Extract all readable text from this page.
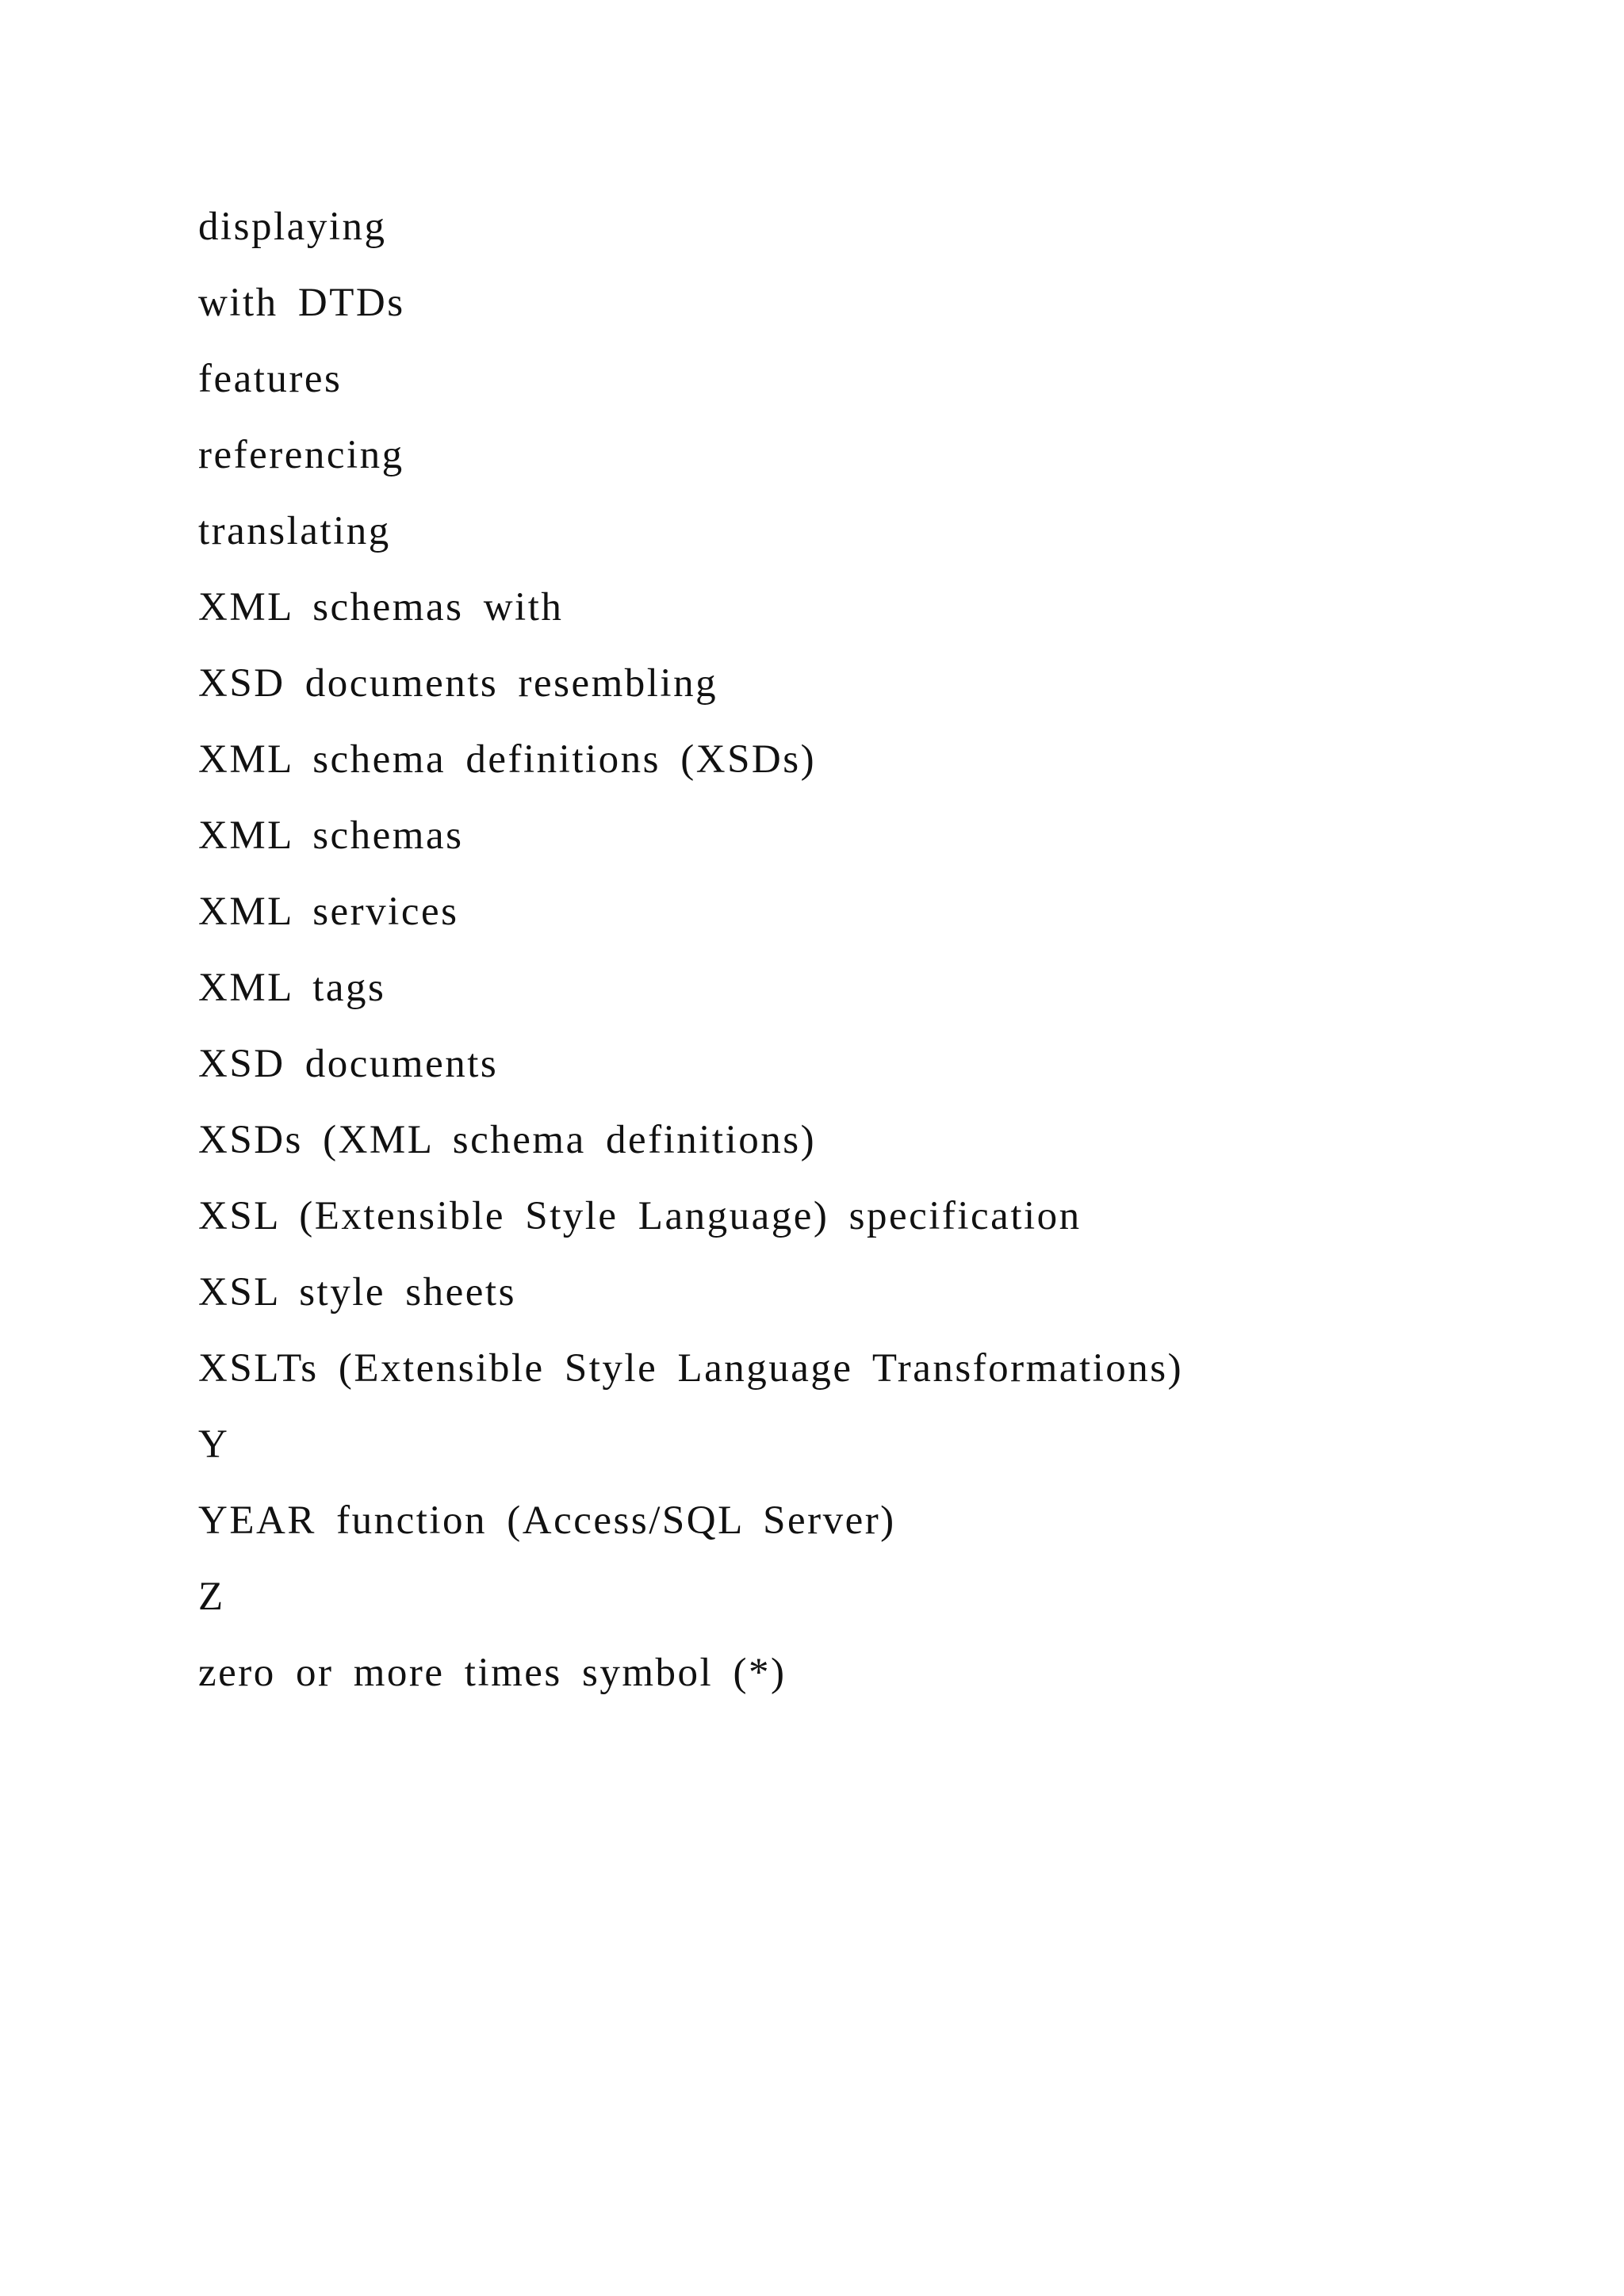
displaying
with DTDs
features
referencing
translating
XML schemas with
XSD documents resembling
XML schema definitions (XSDs)
XML schemas
XML services
XML tags
XSD documents
XSDs (XML schema definitions)
XSL (Extensible Style Language) specification
XSL style sheets
XSLTs (Extensible Style Language Transformations)
Y
YEAR function (Access/SQL Server)
Z
zero or more times symbol (*)
